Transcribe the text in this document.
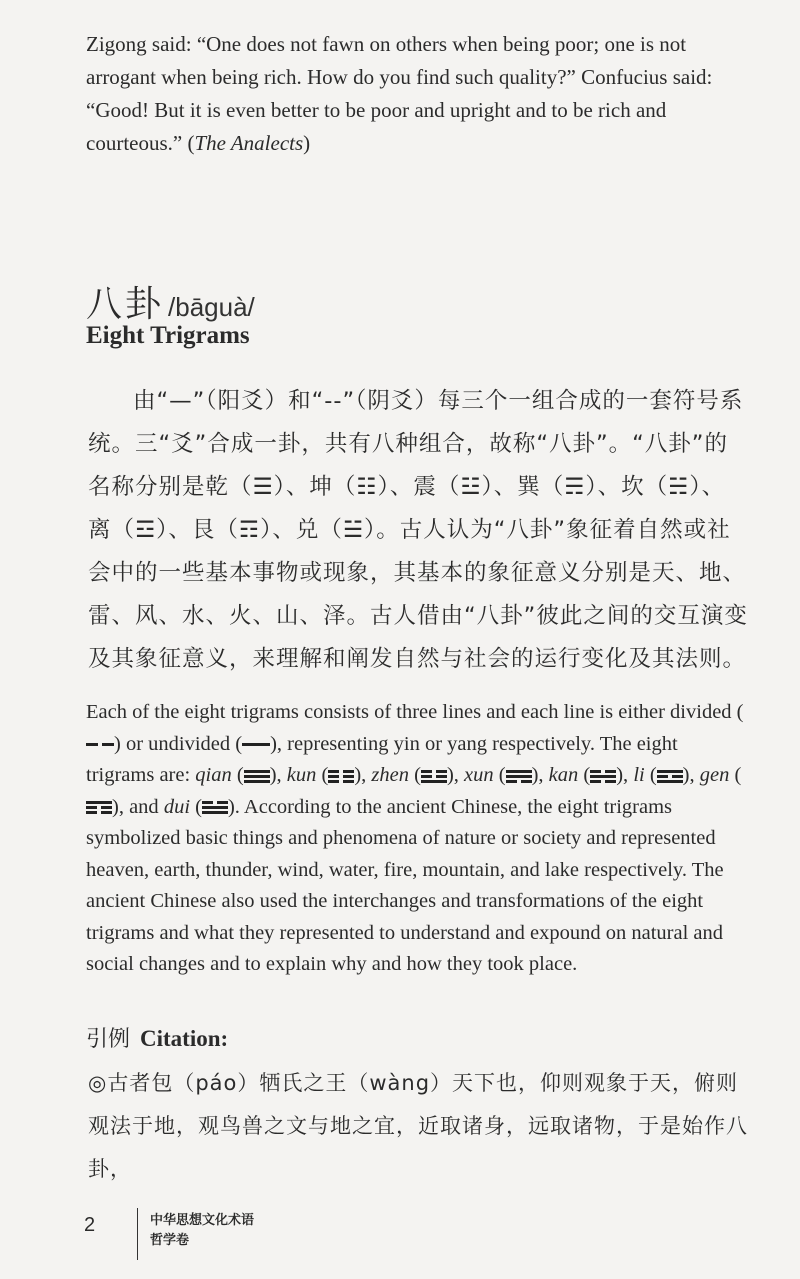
Zigong said: “One does not fawn on others when being poor; one is not arrogant when being rich. How do you find such quality?” Confucius said: “Good! But it is even better to be poor and upright and to be rich and courteous.” (The Analects)
八卦 /bāguà/
Eight Trigrams
由“—”（阳爻）和“--”（阴爻）每三个一组合成的一套符号系统。三“爻”合成一卦，共有八种组合，故称“八卦”。“八卦”的名称分别是乾（☰）、坤（☷）、震（☳）、巽（☴）、坎（☵）、离（☲）、艮（☶）、兑（☱）。古人认为“八卦”象征着自然或社会中的一些基本事物或现象，其基本的象征意义分别是天、地、雷、风、水、火、山、泽。古人借由“八卦”彼此之间的交互演变及其象征意义，来理解和阐发自然与社会的运行变化及其法则。
Each of the eight trigrams consists of three lines and each line is either divided (
) or undivided ( ), representing yin or yang respectively. The eight trigrams are: qian ( ), kun ( ), zhen ( ), xun ( ), kan ( ), li ( ), gen (
), and dui ( ). According to the ancient Chinese, the eight trigrams symbolized basic things and phenomena of nature or society and represented heaven, earth, thunder, wind, water, fire, mountain, and lake respectively. The ancient Chinese also used the interchanges and transformations of the eight trigrams and what they represented to understand and expound on natural and social changes and to explain why and how they took place.
引例 Citation:
◎古者包（páo）牺氏之王（wàng）天下也，仰则观象于天，俯则观法于地，观鸟兽之文与地之宜，近取诸身，远取诸物，于是始作八卦，
2	中华思想文化术语
哲学卷
